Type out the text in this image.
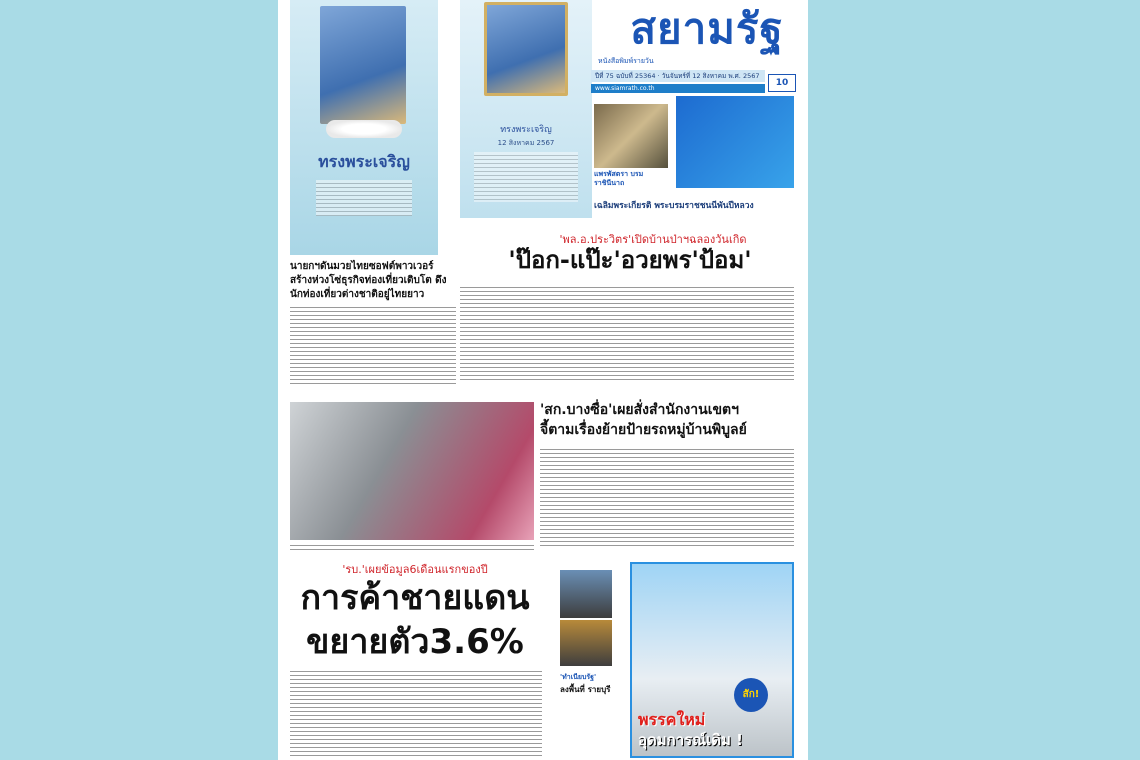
ทรงพระเจริญ
ทรงพระเจริญ
12 สิงหาคม 2567
สยามรัฐ
หนังสือพิมพ์รายวัน
ปีที่ 75 ฉบับที่ 25364 · วันจันทร์ที่ 12 สิงหาคม พ.ศ. 2567
10
www.siamrath.co.th
แพรพัสตรา บรมราชินีนาถ
เฉลิมพระเกียรติ พระบรมราชชนนีพันปีหลวง
'พล.อ.ประวิตร'เปิดบ้านป่าฯฉลองวันเกิด
'ป๊อก-แป๊ะ'อวยพร'ป้อม'
นายกฯดันมวยไทยซอฟต์พาวเวอร์ สร้างห่วงโซ่ธุรกิจท่องเที่ยวเติบโต ดึงนักท่องเที่ยวต่างชาติอยู่ไทยยาว
'สก.บางซื่อ'เผยสั่งสำนักงานเขตฯ
จี้ตามเรื่องย้ายป้ายรถหมู่บ้านพิบูลย์
'รบ.'เผยข้อมูล6เดือนแรกของปี
การค้าชายแดน
ขยายตัว3.6%
'ทำเนียบรัฐ'
ลงพื้นที่ รายบุรี	สัก!
พรรคใหม่
อุดมการณ์เดิม !
